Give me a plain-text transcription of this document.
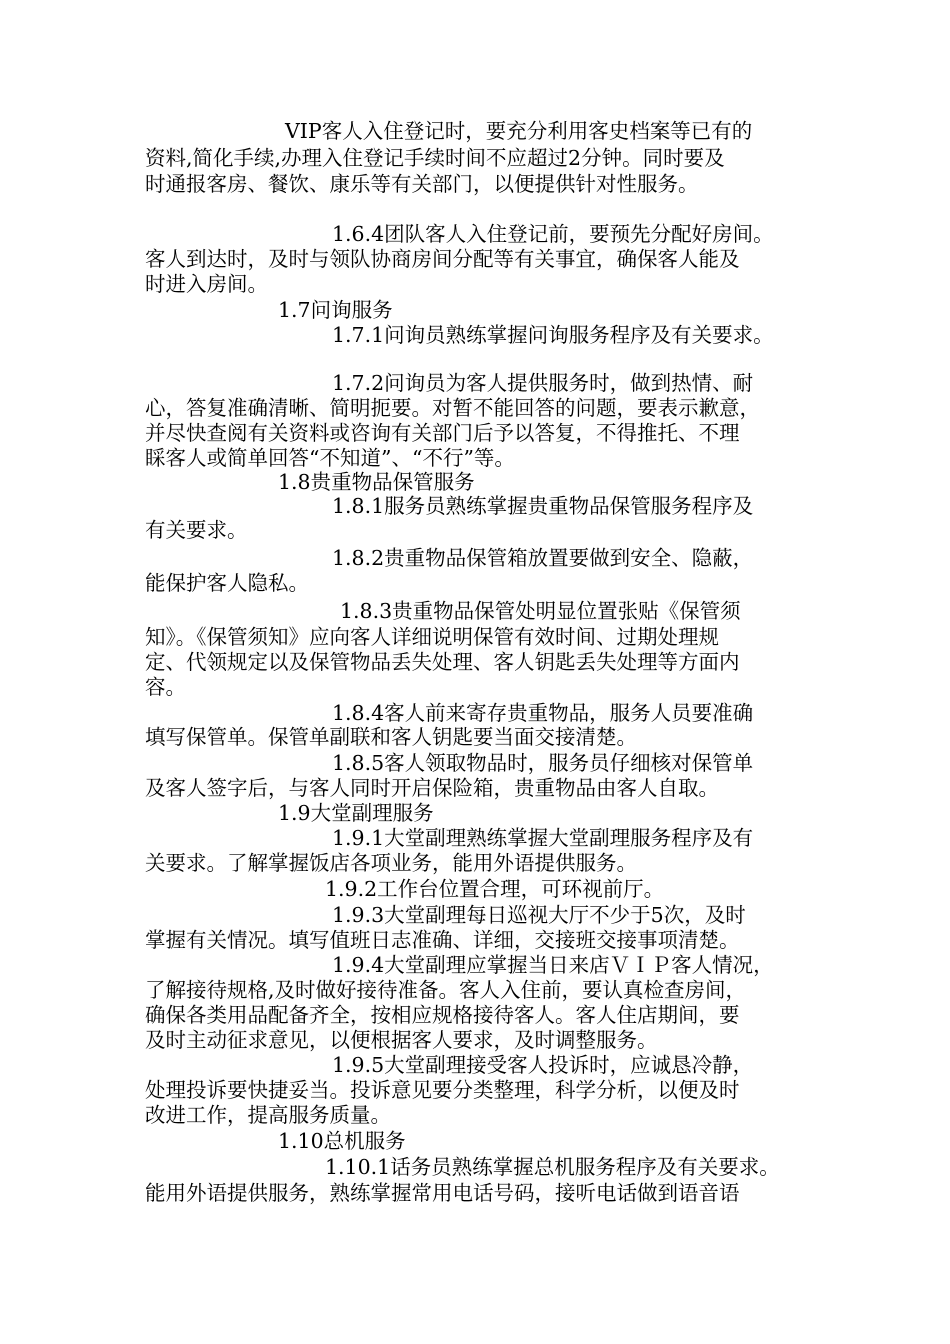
VIP客人入住登记时，要充分利用客史档案等已有的
资料,简化手续,办理入住登记手续时间不应超过2分钟。同时要及
时通报客房、餐饮、康乐等有关部门，以便提供针对性服务。
1.6.4团队客人入住登记前，要预先分配好房间。
客人到达时，及时与领队协商房间分配等有关事宜，确保客人能及
时进入房间。
1.7问询服务
1.7.1问询员熟练掌握问询服务程序及有关要求。
1.7.2问询员为客人提供服务时，做到热情、耐
心，答复准确清晰、简明扼要。对暂不能回答的问题，要表示歉意，
并尽快查阅有关资料或咨询有关部门后予以答复，不得推托、不理
睬客人或简单回答“不知道”、“不行”等。
1.8贵重物品保管服务
1.8.1服务员熟练掌握贵重物品保管服务程序及
有关要求。
1.8.2贵重物品保管箱放置要做到安全、隐蔽，
能保护客人隐私。
1.8.3贵重物品保管处明显位置张贴《保管须
知》。《保管须知》应向客人详细说明保管有效时间、过期处理规
定、代领规定以及保管物品丢失处理、客人钥匙丢失处理等方面内
容。
1.8.4客人前来寄存贵重物品，服务人员要准确
填写保管单。保管单副联和客人钥匙要当面交接清楚。
1.8.5客人领取物品时，服务员仔细核对保管单
及客人签字后，与客人同时开启保险箱，贵重物品由客人自取。
1.9大堂副理服务
1.9.1大堂副理熟练掌握大堂副理服务程序及有
关要求。了解掌握饭店各项业务，能用外语提供服务。
1.9.2工作台位置合理，可环视前厅。
1.9.3大堂副理每日巡视大厅不少于5次，及时
掌握有关情况。填写值班日志准确、详细，交接班交接事项清楚。
1.9.4大堂副理应掌握当日来店ＶＩＰ客人情况，
了解接待规格,及时做好接待准备。客人入住前，要认真检查房间，
确保各类用品配备齐全，按相应规格接待客人。客人住店期间，要
及时主动征求意见，以便根据客人要求，及时调整服务。
1.9.5大堂副理接受客人投诉时，应诚恳冷静，
处理投诉要快捷妥当。投诉意见要分类整理，科学分析，以便及时
改进工作，提高服务质量。
1.10总机服务
1.10.1话务员熟练掌握总机服务程序及有关要求。
能用外语提供服务，熟练掌握常用电话号码，接听电话做到语音语
